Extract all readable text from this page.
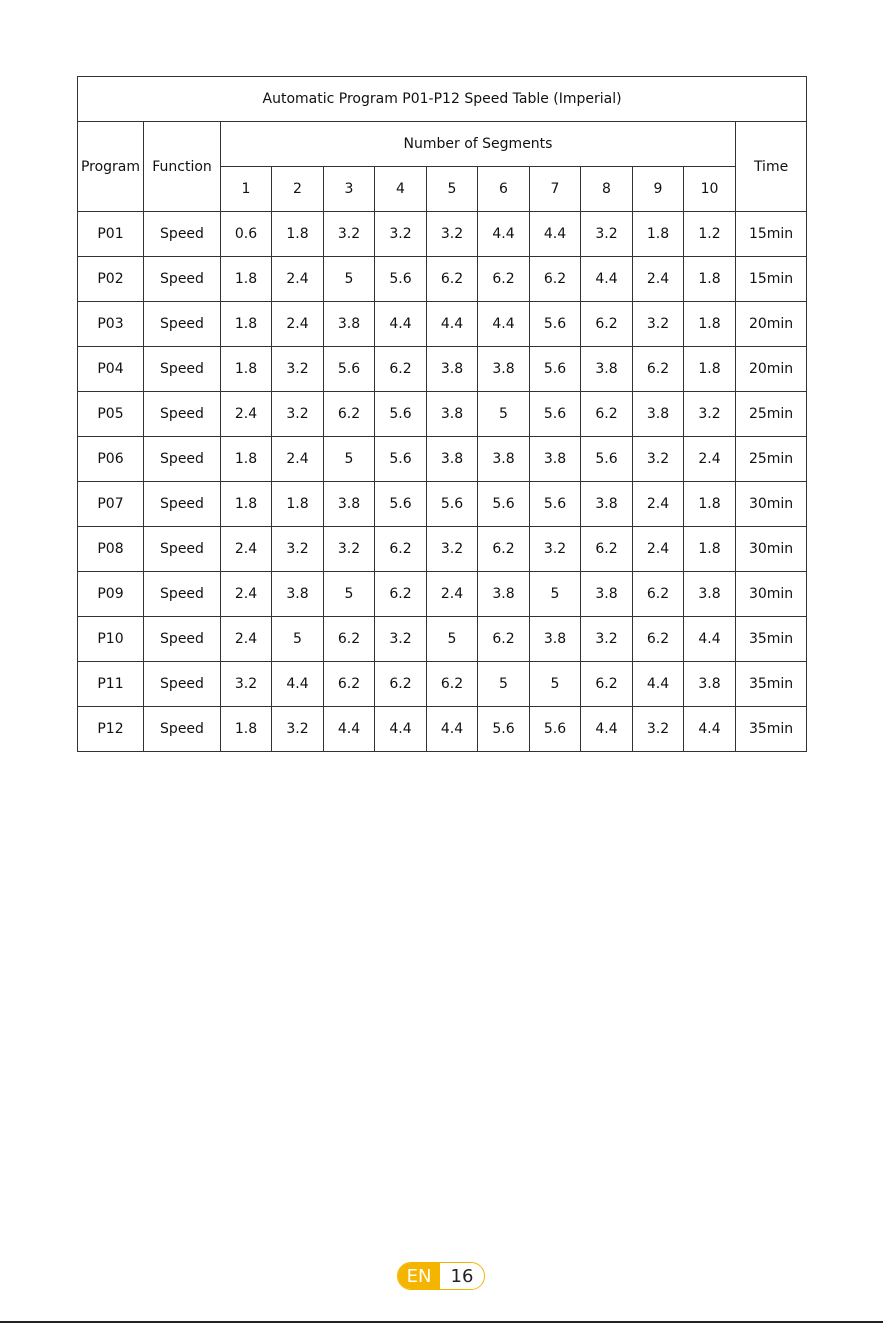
Automatic Program P01-P12 Speed Table (Imperial)												
Program	Function	Number of Segments										Time
		1	2	3	4	5	6	7	8	9	10	
P01	Speed	0.6	1.8	3.2	3.2	3.2	4.4	4.4	3.2	1.8	1.2	15min
P02	Speed	1.8	2.4	5	5.6	6.2	6.2	6.2	4.4	2.4	1.8	15min
P03	Speed	1.8	2.4	3.8	4.4	4.4	4.4	5.6	6.2	3.2	1.8	20min
P04	Speed	1.8	3.2	5.6	6.2	3.8	3.8	5.6	3.8	6.2	1.8	20min
P05	Speed	2.4	3.2	6.2	5.6	3.8	5	5.6	6.2	3.8	3.2	25min
P06	Speed	1.8	2.4	5	5.6	3.8	3.8	3.8	5.6	3.2	2.4	25min
P07	Speed	1.8	1.8	3.8	5.6	5.6	5.6	5.6	3.8	2.4	1.8	30min
P08	Speed	2.4	3.2	3.2	6.2	3.2	6.2	3.2	6.2	2.4	1.8	30min
P09	Speed	2.4	3.8	5	6.2	2.4	3.8	5	3.8	6.2	3.8	30min
P10	Speed	2.4	5	6.2	3.2	5	6.2	3.8	3.2	6.2	4.4	35min
P11	Speed	3.2	4.4	6.2	6.2	6.2	5	5	6.2	4.4	3.8	35min
P12	Speed	1.8	3.2	4.4	4.4	4.4	5.6	5.6	4.4	3.2	4.4	35min
EN	16
